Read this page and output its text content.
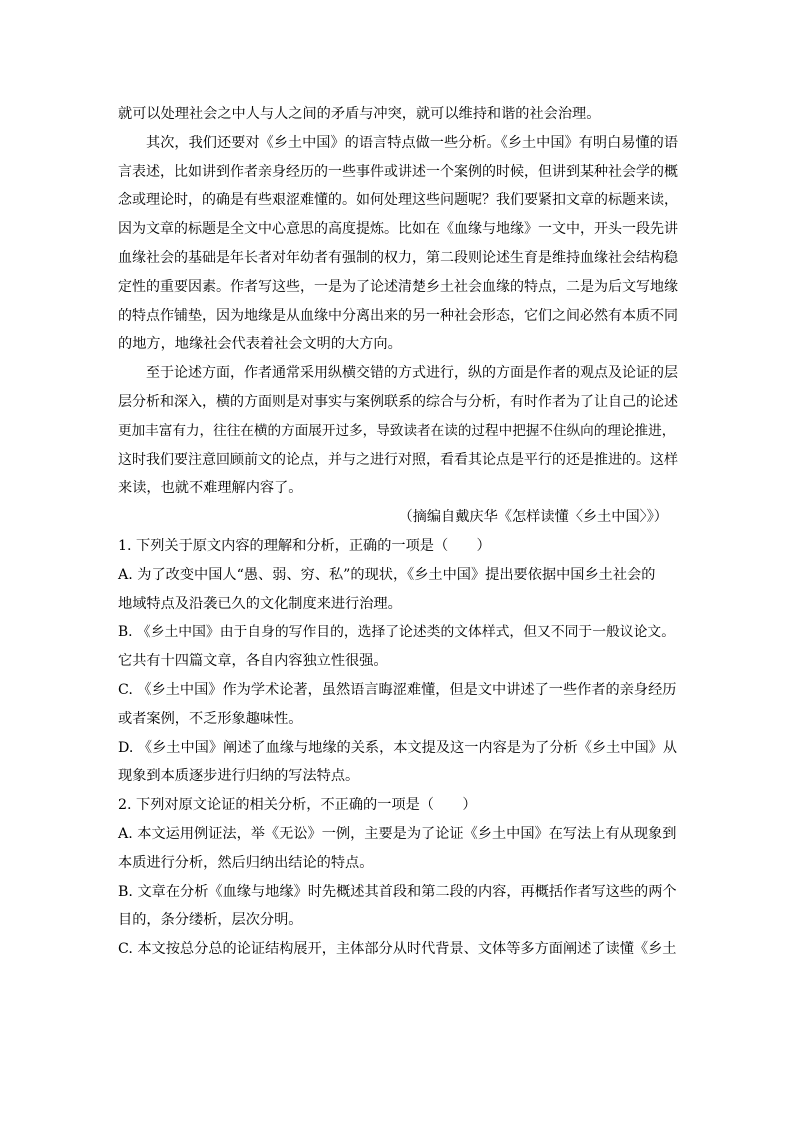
就可以处理社会之中人与人之间的矛盾与冲突，就可以维持和谐的社会治理。
其次，我们还要对《乡土中国》的语言特点做一些分析。《乡土中国》有明白易懂的语
言表述，比如讲到作者亲身经历的一些事件或讲述一个案例的时候，但讲到某种社会学的概
念或理论时，的确是有些艰涩难懂的。如何处理这些问题呢？我们要紧扣文章的标题来读，
因为文章的标题是全文中心意思的高度提炼。比如在《血缘与地缘》一文中，开头一段先讲
血缘社会的基础是年长者对年幼者有强制的权力，第二段则论述生育是维持血缘社会结构稳
定性的重要因素。作者写这些，一是为了论述清楚乡土社会血缘的特点，二是为后文写地缘
的特点作铺垫，因为地缘是从血缘中分离出来的另一种社会形态，它们之间必然有本质不同
的地方，地缘社会代表着社会文明的大方向。
至于论述方面，作者通常采用纵横交错的方式进行，纵的方面是作者的观点及论证的层
层分析和深入，横的方面则是对事实与案例联系的综合与分析，有时作者为了让自己的论述
更加丰富有力，往往在横的方面展开过多，导致读者在读的过程中把握不住纵向的理论推进，
这时我们要注意回顾前文的论点，并与之进行对照，看看其论点是平行的还是推进的。这样
来读，也就不难理解内容了。
（摘编自戴庆华《怎样读懂〈乡土中国〉》）
1. 下列关于原文内容的理解和分析，正确的一项是（　　）
A. 为了改变中国人“愚、弱、穷、私”的现状，《乡土中国》提出要依据中国乡土社会的
地域特点及沿袭已久的文化制度来进行治理。
B. 《乡土中国》由于自身的写作目的，选择了论述类的文体样式，但又不同于一般议论文。
它共有十四篇文章，各自内容独立性很强。
C. 《乡土中国》作为学术论著，虽然语言晦涩难懂，但是文中讲述了一些作者的亲身经历
或者案例，不乏形象趣味性。
D. 《乡土中国》阐述了血缘与地缘的关系，本文提及这一内容是为了分析《乡土中国》从
现象到本质逐步进行归纳的写法特点。
2. 下列对原文论证的相关分析，不正确的一项是（　　）
A. 本文运用例证法，举《无讼》一例，主要是为了论证《乡土中国》在写法上有从现象到
本质进行分析，然后归纳出结论的特点。
B. 文章在分析《血缘与地缘》时先概述其首段和第二段的内容，再概括作者写这些的两个
目的，条分缕析，层次分明。
C. 本文按总分总的论证结构展开，主体部分从时代背景、文体等多方面阐述了读懂《乡土
